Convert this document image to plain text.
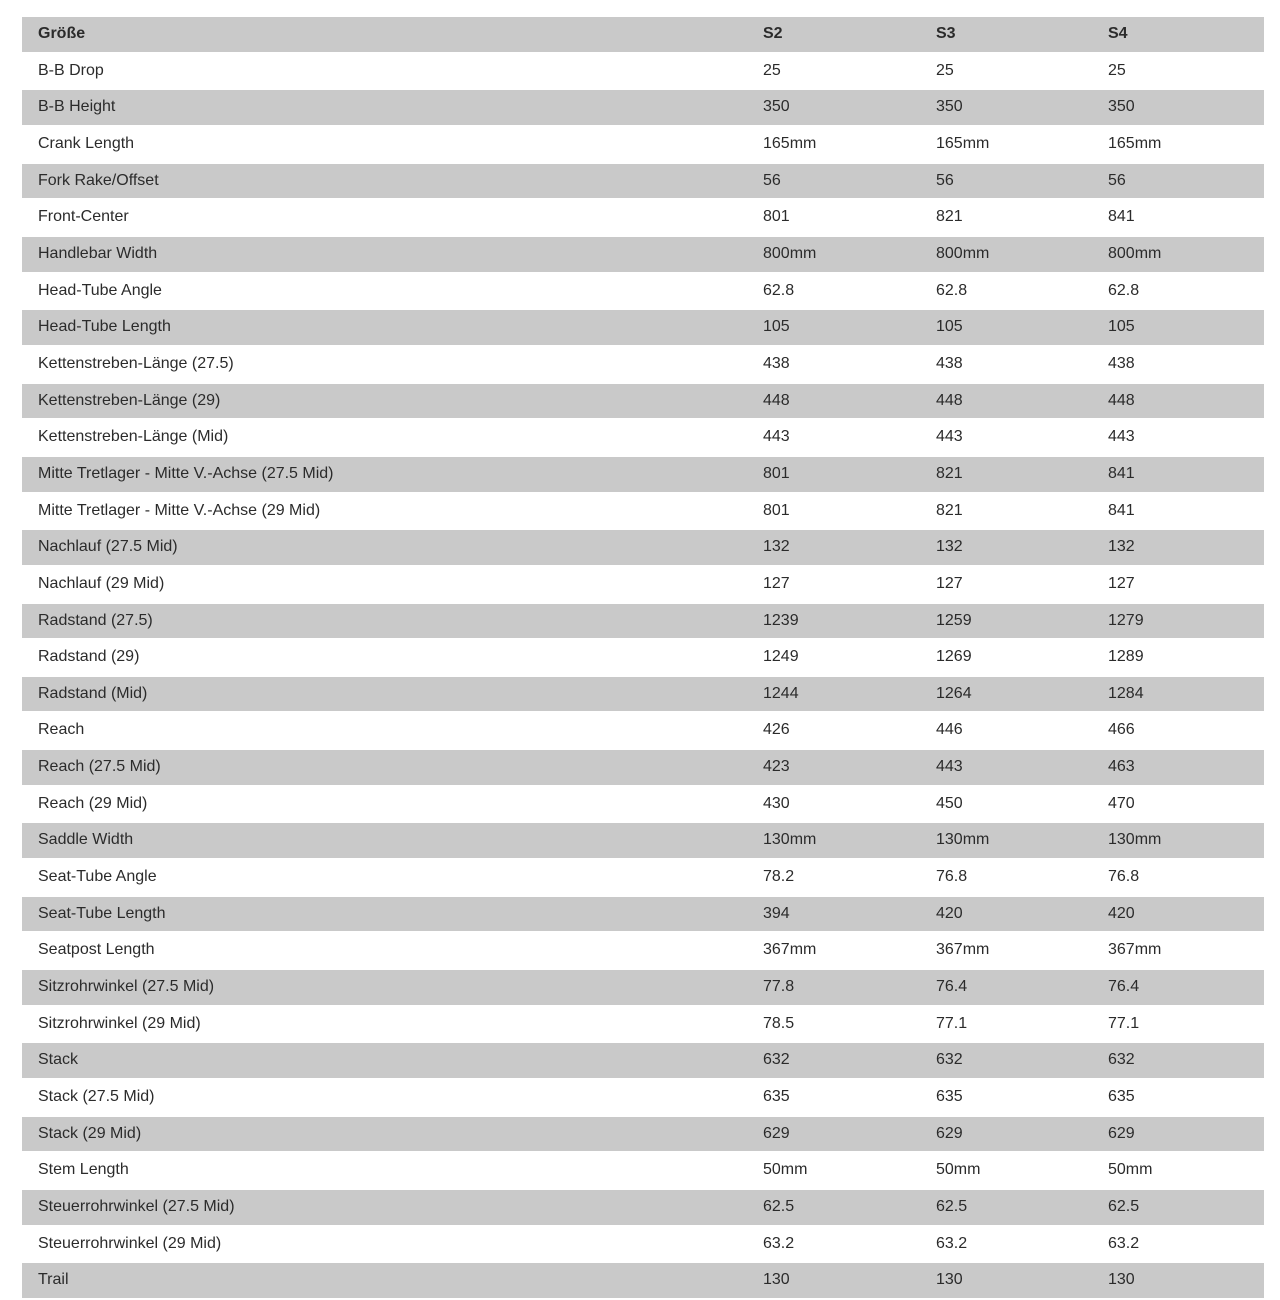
Größe	S2	S3	S4
B-B Drop	25	25	25
B-B Height	350	350	350
Crank Length	165mm	165mm	165mm
Fork Rake/Offset	56	56	56
Front-Center	801	821	841
Handlebar Width	800mm	800mm	800mm
Head-Tube Angle	62.8	62.8	62.8
Head-Tube Length	105	105	105
Kettenstreben-Länge (27.5)	438	438	438
Kettenstreben-Länge (29)	448	448	448
Kettenstreben-Länge (Mid)	443	443	443
Mitte Tretlager - Mitte V.-Achse (27.5 Mid)	801	821	841
Mitte Tretlager - Mitte V.-Achse (29 Mid)	801	821	841
Nachlauf (27.5 Mid)	132	132	132
Nachlauf (29 Mid)	127	127	127
Radstand (27.5)	1239	1259	1279
Radstand (29)	1249	1269	1289
Radstand (Mid)	1244	1264	1284
Reach	426	446	466
Reach (27.5 Mid)	423	443	463
Reach (29 Mid)	430	450	470
Saddle Width	130mm	130mm	130mm
Seat-Tube Angle	78.2	76.8	76.8
Seat-Tube Length	394	420	420
Seatpost Length	367mm	367mm	367mm
Sitzrohrwinkel (27.5 Mid)	77.8	76.4	76.4
Sitzrohrwinkel (29 Mid)	78.5	77.1	77.1
Stack	632	632	632
Stack (27.5 Mid)	635	635	635
Stack (29 Mid)	629	629	629
Stem Length	50mm	50mm	50mm
Steuerrohrwinkel (27.5 Mid)	62.5	62.5	62.5
Steuerrohrwinkel (29 Mid)	63.2	63.2	63.2
Trail	130	130	130
